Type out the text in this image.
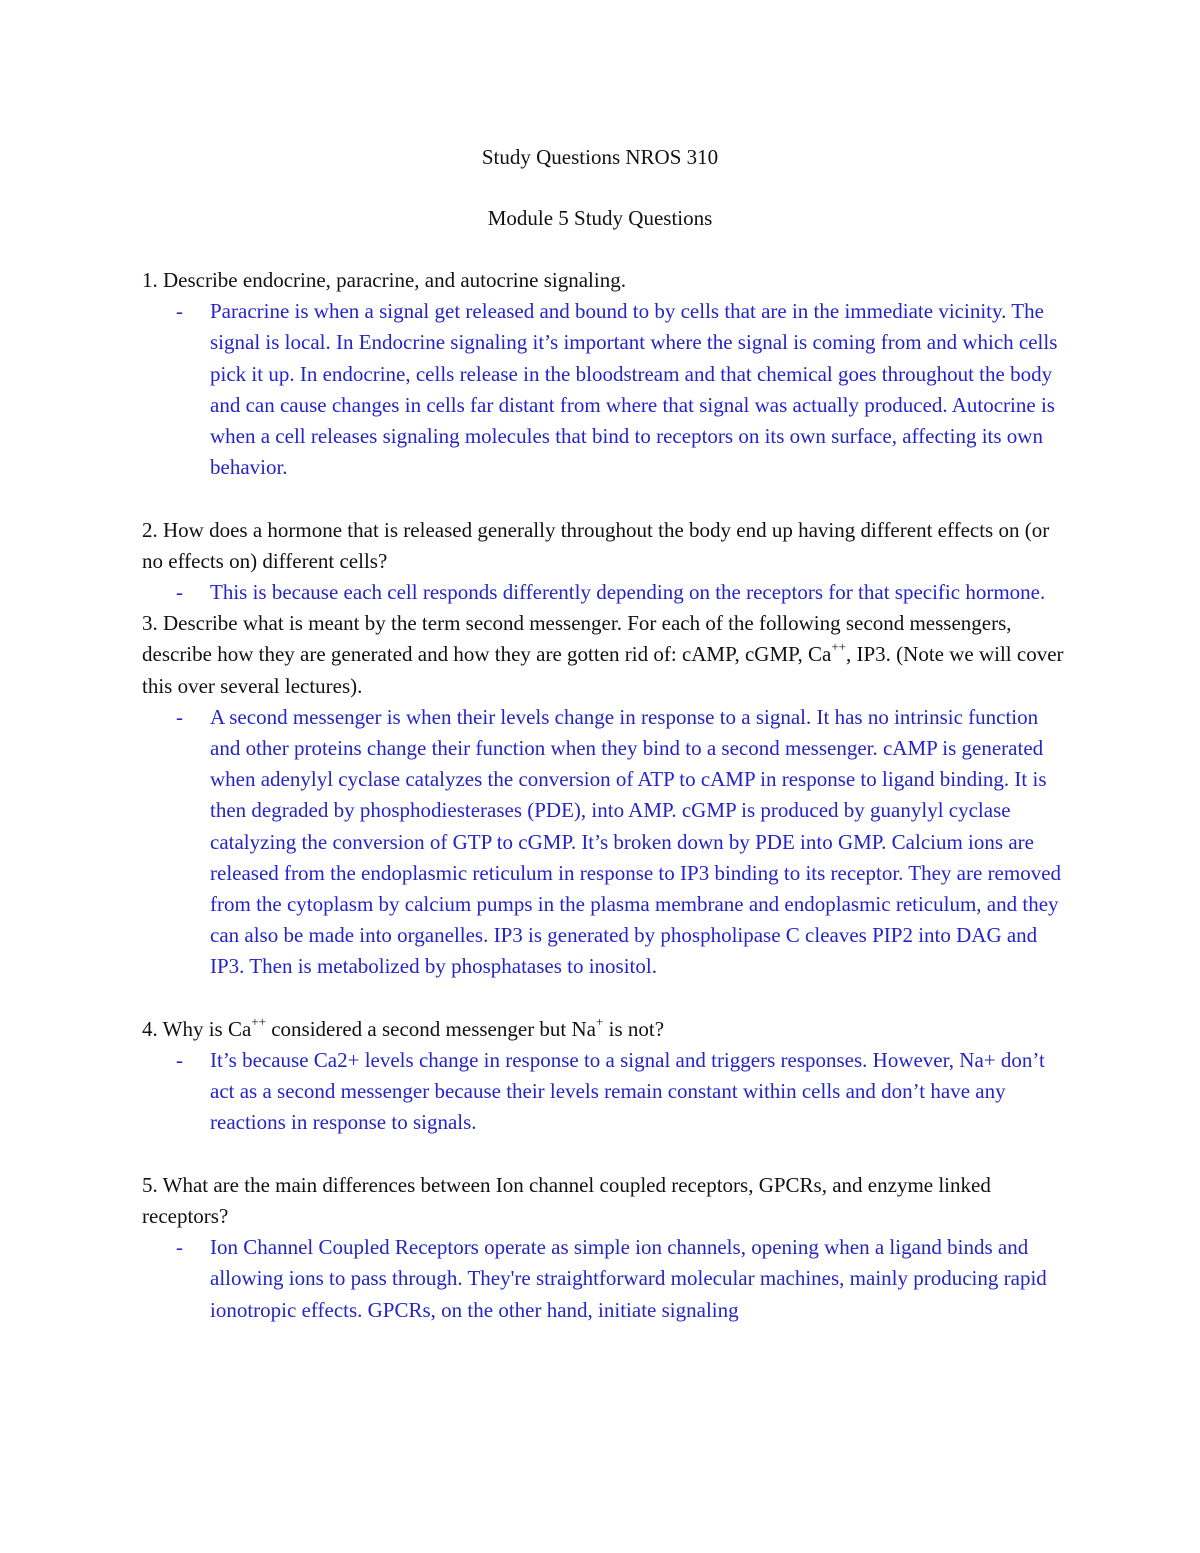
Study Questions NROS 310
Module 5 Study Questions

1. Describe endocrine, paracrine, and autocrine signaling.

- Paracrine is when a signal get released and bound to by cells that are in the immediate vicinity. The signal is local. In Endocrine signaling it’s important where the signal is coming from and which cells pick it up. In endocrine, cells release in the bloodstream and that chemical goes throughout the body and can cause changes in cells far distant from where that signal was actually produced. Autocrine is when a cell releases signaling molecules that bind to receptors on its own surface, affecting its own behavior.

2. How does a hormone that is released generally throughout the body end up having different effects on (or no effects on) different cells?

- This is because each cell responds differently depending on the receptors for that specific hormone.

3. Describe what is meant by the term second messenger. For each of the following second messengers, describe how they are generated and how they are gotten rid of: cAMP, cGMP, Ca++, IP3. (Note we will cover this over several lectures).

- A second messenger is when their levels change in response to a signal. It has no intrinsic function and other proteins change their function when they bind to a second messenger. cAMP is generated when adenylyl cyclase catalyzes the conversion of ATP to cAMP in response to ligand binding. It is then degraded by phosphodiesterases (PDE), into AMP. cGMP is produced by guanylyl cyclase catalyzing the conversion of GTP to cGMP. It’s broken down by PDE into GMP. Calcium ions are released from the endoplasmic reticulum in response to IP3 binding to its receptor. They are removed from the cytoplasm by calcium pumps in the plasma membrane and endoplasmic reticulum, and they can also be made into organelles. IP3 is generated by phospholipase C cleaves PIP2 into DAG and IP3. Then is metabolized by phosphatases to inositol.

4. Why is Ca++ considered a second messenger but Na+ is not?

- It’s because Ca2+ levels change in response to a signal and triggers responses. However, Na+ don’t act as a second messenger because their levels remain constant within cells and don’t have any reactions in response to signals.

5. What are the main differences between Ion channel coupled receptors, GPCRs, and enzyme linked receptors?

- Ion Channel Coupled Receptors operate as simple ion channels, opening when a ligand binds and allowing ions to pass through. They're straightforward molecular machines, mainly producing rapid ionotropic effects. GPCRs, on the other hand, initiate signaling
